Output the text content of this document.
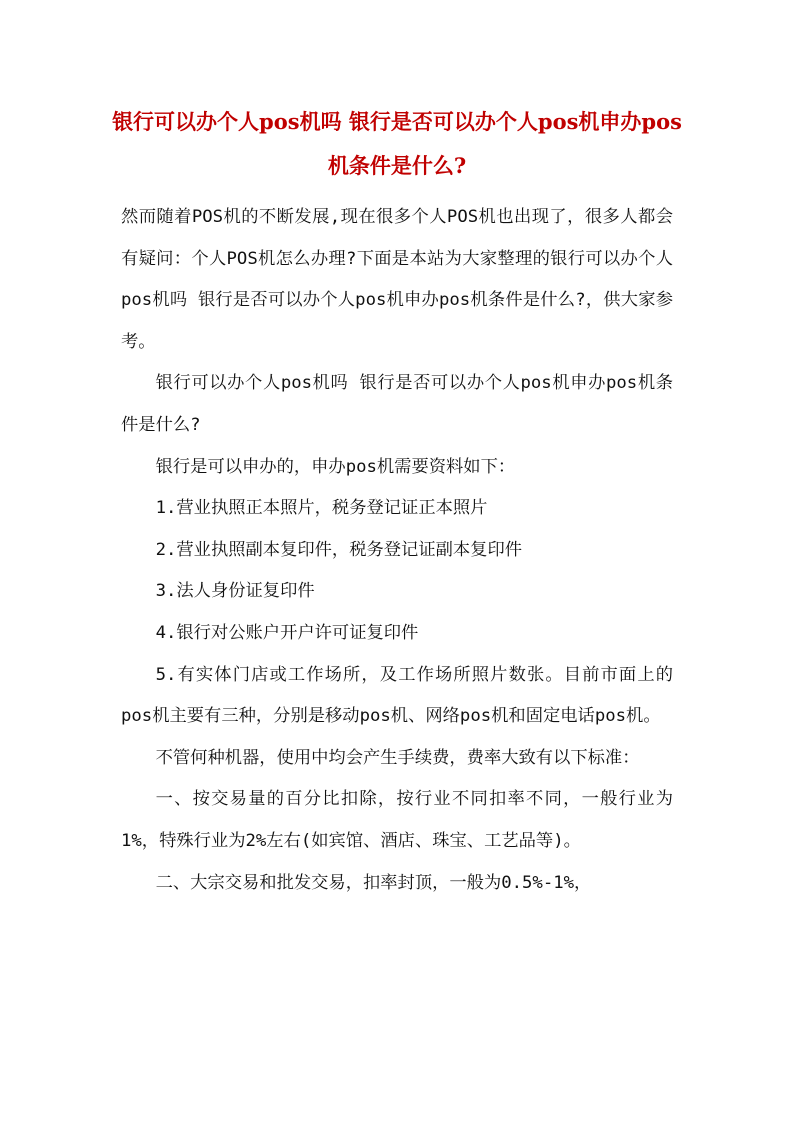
银行可以办个人pos机吗 银行是否可以办个人pos机申办pos机条件是什么?

然而随着POS机的不断发展,现在很多个人POS机也出现了，很多人都会有疑问：个人POS机怎么办理?下面是本站为大家整理的银行可以办个人pos机吗 银行是否可以办个人pos机申办pos机条件是什么?，供大家参考。

银行可以办个人pos机吗 银行是否可以办个人pos机申办pos机条件是什么?

银行是可以申办的，申办pos机需要资料如下：

1.营业执照正本照片，税务登记证正本照片

2.营业执照副本复印件，税务登记证副本复印件

3.法人身份证复印件

4.银行对公账户开户许可证复印件

5.有实体门店或工作场所，及工作场所照片数张。目前市面上的pos机主要有三种，分别是移动pos机、网络pos机和固定电话pos机。

不管何种机器，使用中均会产生手续费，费率大致有以下标准：

一、按交易量的百分比扣除，按行业不同扣率不同，一般行业为1%，特殊行业为2%左右(如宾馆、酒店、珠宝、工艺品等)。

二、大宗交易和批发交易，扣率封顶，一般为0.5%-1%，
